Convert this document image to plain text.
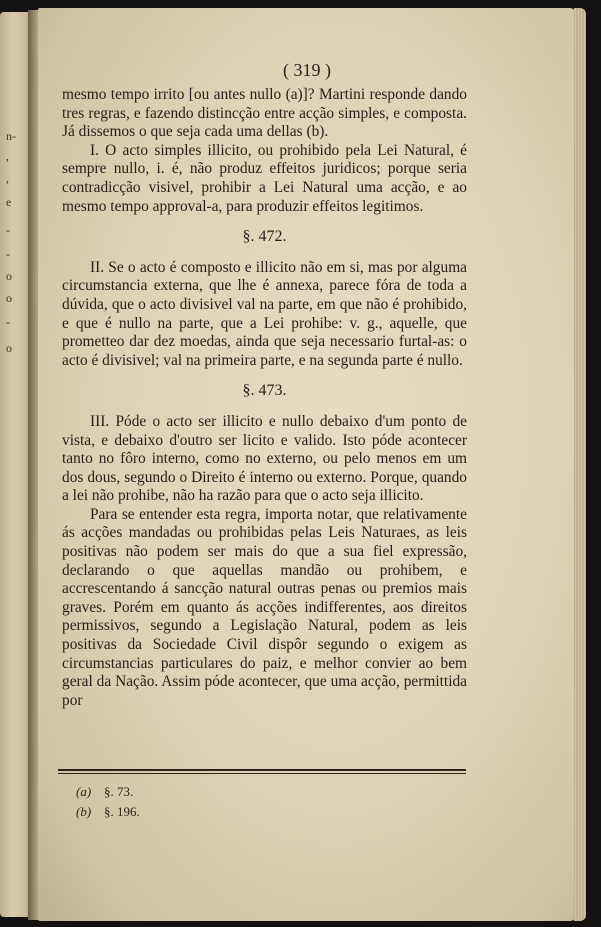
n-
,
,
e
-
-
o
o
-
o
( 319 )

mesmo tempo irrito [ou antes nullo (a)]? Martini responde dando tres regras, e fazendo distincção entre acção simples, e composta. Já dissemos o que seja cada uma dellas (b).

I. O acto simples illicito, ou prohibido pela Lei Natural, é sempre nullo, i. é, não produz effeitos juridicos; porque seria contradicção visivel, prohibir a Lei Natural uma acção, e ao mesmo tempo approval-a, para produzir effeitos legitimos.

§. 472.

II. Se o acto é composto e illicito não em si, mas por alguma circumstancia externa, que lhe é annexa, parece fóra de toda a dúvida, que o acto divisivel val na parte, em que não é prohibido, e que é nullo na parte, que a Lei prohibe: v. g., aquelle, que prometteo dar dez moedas, ainda que seja necessario furtal-as: o acto é divisivel; val na primeira parte, e na segunda parte é nullo.

§. 473.

III. Póde o acto ser illicito e nullo debaixo d'um ponto de vista, e debaixo d'outro ser licito e valido. Isto póde acontecer tanto no fôro interno, como no externo, ou pelo menos em um dos dous, segundo o Direito é interno ou externo. Porque, quando a lei não prohibe, não ha razão para que o acto seja illicito.

Para se entender esta regra, importa notar, que relativamente ás acções mandadas ou prohibidas pelas Leis Naturaes, as leis positivas não podem ser mais do que a sua fiel expressão, declarando o que aquellas mandão ou prohibem, e accrescentando á sancção natural outras penas ou premios mais graves. Porém em quanto ás acções indifferentes, aos direitos permissivos, segundo a Legislação Natural, podem as leis positivas da Sociedade Civil dispôr segundo o exigem as circumstancias particulares do paiz, e melhor convier ao bem geral da Nação. Assim póde acontecer, que uma acção, permittida por

(a) §. 73.
(b) §. 196.
